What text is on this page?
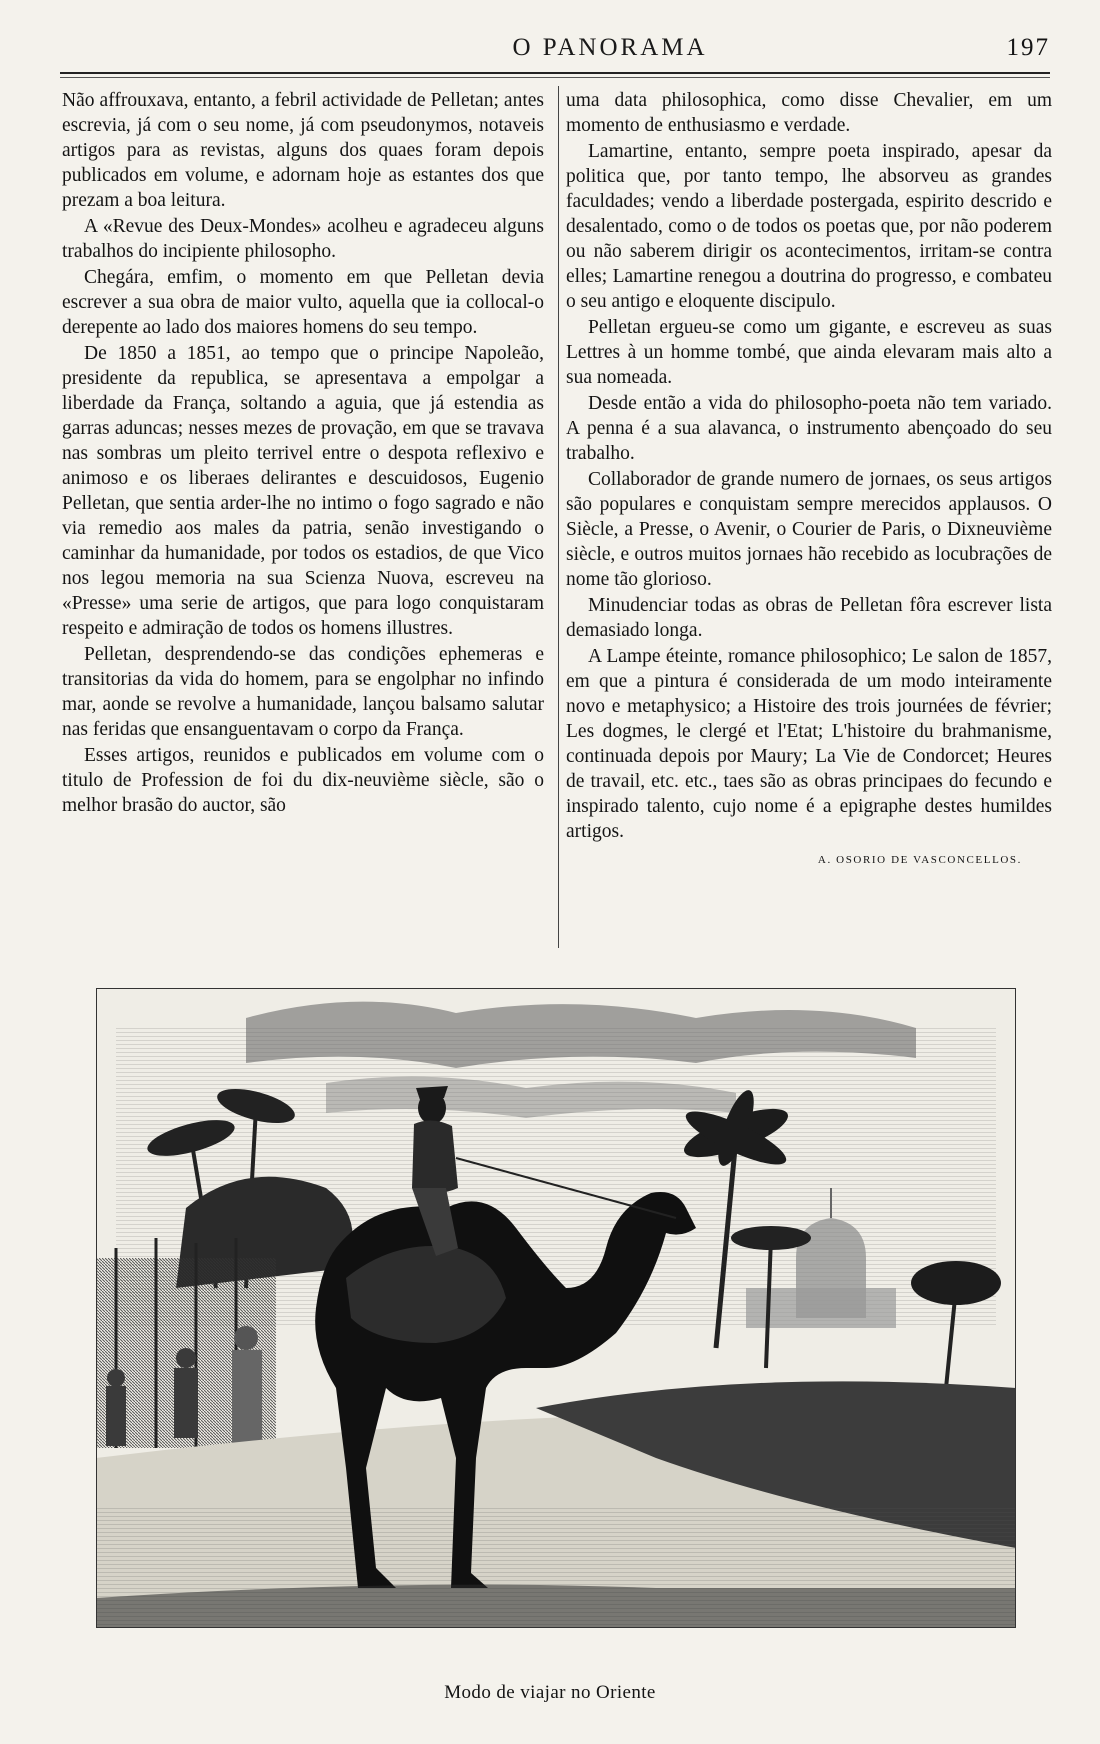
O PANORAMA	197

Não affrouxava, entanto, a febril actividade de Pelletan; antes escrevia, já com o seu nome, já com pseudonymos, notaveis artigos para as revistas, alguns dos quaes foram depois publicados em volume, e adornam hoje as estantes dos que prezam a boa leitura.

A «Revue des Deux-Mondes» acolheu e agradeceu alguns trabalhos do incipiente philosopho.

Chegára, emfim, o momento em que Pelletan devia escrever a sua obra de maior vulto, aquella que ia collocal-o derepente ao lado dos maiores homens do seu tempo.

De 1850 a 1851, ao tempo que o principe Napoleão, presidente da republica, se apresentava a empolgar a liberdade da França, soltando a aguia, que já estendia as garras aduncas; nesses mezes de provação, em que se travava nas sombras um pleito terrivel entre o despota reflexivo e animoso e os liberaes delirantes e descuidosos, Eugenio Pelletan, que sentia arder-lhe no intimo o fogo sagrado e não via remedio aos males da patria, senão investigando o caminhar da humanidade, por todos os estadios, de que Vico nos legou memoria na sua Scienza Nuova, escreveu na «Presse» uma serie de artigos, que para logo conquistaram respeito e admiração de todos os homens illustres.

Pelletan, desprendendo-se das condições ephemeras e transitorias da vida do homem, para se engolphar no infindo mar, aonde se revolve a humanidade, lançou balsamo salutar nas feridas que ensanguentavam o corpo da França.

Esses artigos, reunidos e publicados em volume com o titulo de Profession de foi du dix-neuvième siècle, são o melhor brasão do auctor, são

uma data philosophica, como disse Chevalier, em um momento de enthusiasmo e verdade.

Lamartine, entanto, sempre poeta inspirado, apesar da politica que, por tanto tempo, lhe absorveu as grandes faculdades; vendo a liberdade postergada, espirito descrido e desalentado, como o de todos os poetas que, por não poderem ou não saberem dirigir os acontecimentos, irritam-se contra elles; Lamartine renegou a doutrina do progresso, e combateu o seu antigo e eloquente discipulo.

Pelletan ergueu-se como um gigante, e escreveu as suas Lettres à un homme tombé, que ainda elevaram mais alto a sua nomeada.

Desde então a vida do philosopho-poeta não tem variado. A penna é a sua alavanca, o instrumento abençoado do seu trabalho.

Collaborador de grande numero de jornaes, os seus artigos são populares e conquistam sempre merecidos applausos. O Siècle, a Presse, o Avenir, o Courier de Paris, o Dixneuvième siècle, e outros muitos jornaes hão recebido as locubrações de nome tão glorioso.

Minudenciar todas as obras de Pelletan fôra escrever lista demasiado longa.

A Lampe éteinte, romance philosophico; Le salon de 1857, em que a pintura é considerada de um modo inteiramente novo e metaphysico; a Histoire des trois journées de février; Les dogmes, le clergé et l'Etat; L'histoire du brahmanisme, continuada depois por Maury; La Vie de Condorcet; Heures de travail, etc. etc., taes são as obras principaes do fecundo e inspirado talento, cujo nome é a epigraphe destes humildes artigos.

A. OSORIO DE VASCONCELLOS.
Modo de viajar no Oriente
